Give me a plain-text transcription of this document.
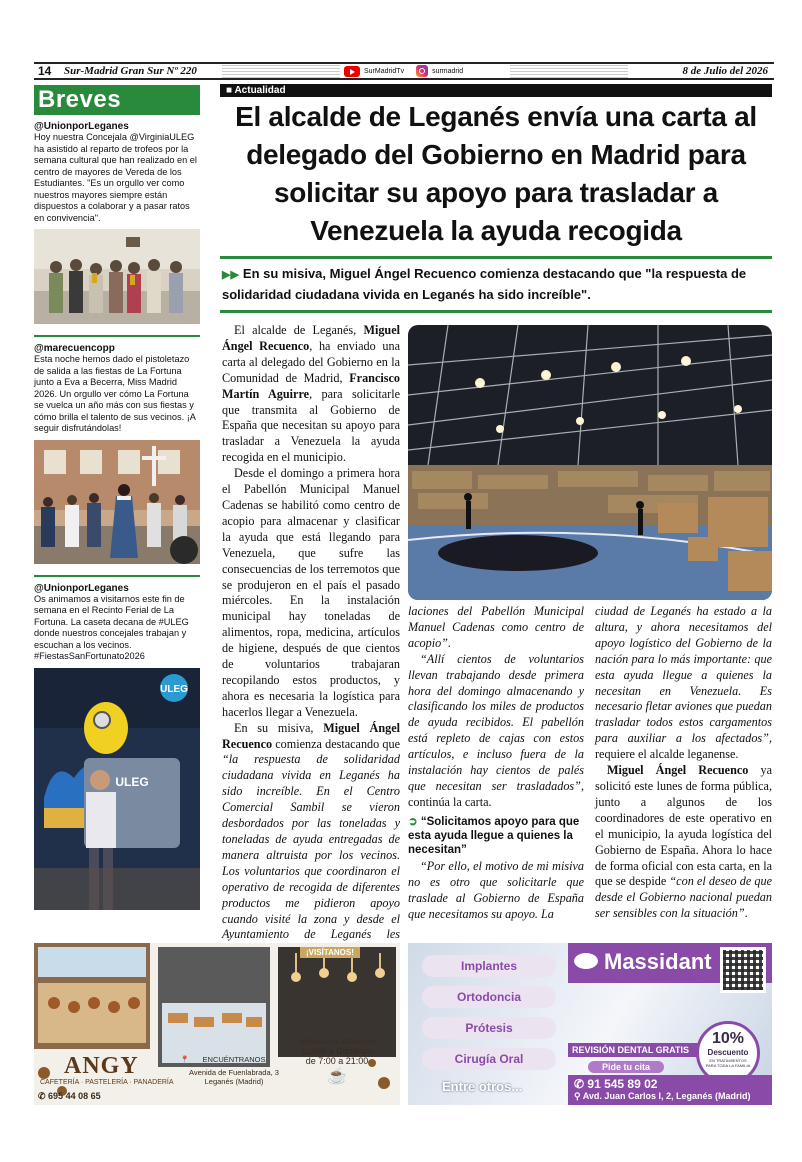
14 Sur-Madrid Gran Sur Nº 220	SurMadridTv	surmadrid	8 de Julio del 2026
Breves
@UnionporLeganes
Hoy nuestra Concejala @VirginiaULEG ha asistido al reparto de trofeos por la semana cultural que han realizado en el centro de mayores de Vereda de los Estudiantes. "Es un orgullo ver como nuestros mayores siempre están dispuestos a colaborar y a pasar ratos en convivencia".
@marecuencopp
Esta noche hemos dado el pistoletazo de salida a las fiestas de La Fortuna junto a Eva a Becerra, Miss Madrid 2026. Un orgullo ver cómo La Fortuna se vuelca un año más con sus fiestas y cómo brilla el talento de sus vecinos. ¡A seguir disfrutándolas!
@UnionporLeganes
Os animamos a visitarnos este fin de semana en el Recinto Ferial de La Fortuna. La caseta decana de #ULEG donde nuestros concejales trabajan y escuchan a los vecinos. #FiestasSanFortunato2026
ULEG
ULEG
■ Actualidad
El alcalde de Leganés envía una carta al delegado del Gobierno en Madrid para solicitar su apoyo para trasladar a Venezuela la ayuda recogida
▶▶ En su misiva, Miguel Ángel Recuenco comienza destacando que "la respuesta de solidaridad ciudadana vivida en Leganés ha sido increíble".

El alcalde de Leganés, Miguel Ángel Recuenco, ha enviado una carta al delegado del Gobierno en la Comunidad de Madrid, Francisco Martín Aguirre, para solicitarle que transmita al Gobierno de España que necesitan su apoyo para trasladar a Venezuela la ayuda recogida en el municipio.

Desde el domingo a primera hora el Pabellón Municipal Manuel Cadenas se habilitó como centro de acopio para almacenar y clasificar la ayuda que está llegando para Venezuela, que sufre las consecuencias de los terremotos que se produjeron en el país el pasado miércoles. En la instalación municipal hay toneladas de alimentos, ropa, medicina, artículos de higiene, después de que cientos de voluntarios trabajaran recopilando estos productos, y ahora es necesaria la logística para hacerlos llegar a Venezuela.

En su misiva, Miguel Ángel Recuenco comienza destacando que “la respuesta de solidaridad ciudadana vivida en Leganés ha sido increíble. En el Centro Comercial Sambil se vieron desbordados por las toneladas y toneladas de ayuda entregadas de manera altruista por los vecinos. Los voluntarios que coordinaron el operativo de recogida de diferentes productos me pidieron apoyo cuando visité la zona y desde el Ayuntamiento de Leganés les

laciones del Pabellón Municipal Manuel Cadenas como centro de acopio”.

“Allí cientos de voluntarios llevan trabajando desde primera hora del domingo almacenando y clasificando los miles de productos de ayuda recibidos. El pabellón está repleto de cajas con estos artículos, e incluso fuera de la instalación hay cientos de palés que necesitan ser trasladados”, continúa la carta.

➲ “Solicitamos apoyo para que esta ayuda llegue a quienes la necesitan”

“Por ello, el motivo de mi misiva no es otro que solicitarle que traslade al Gobierno de España que necesitamos su apoyo. La

ciudad de Leganés ha estado a la altura, y ahora necesitamos del apoyo logístico del Gobierno de la nación para lo más importante: que esta ayuda llegue a quienes la necesitan en Venezuela. Es necesario fletar aviones que puedan trasladar todos estos cargamentos para auxiliar a los afectados”, requiere el alcalde leganense.

Miguel Ángel Recuenco ya solicitó este lunes de forma pública, junto a algunos de los coordinadores de este operativo en el municipio, la ayuda logística del Gobierno de España. Ahora lo hace de forma oficial con esta carta, en la que se despide “con el deseo de que desde el Gobierno nacional puedan ser sensibles con la situación”.

ANGY
CAFETERÍA · PASTELERÍA · PANADERÍA
✆ 695 44 08 65
📍	ENCUÉNTRANOS
Avenida de Fuenlabrada, 3
Leganés (Madrid)
¡VISÍTANOS!
HORARIO DE ATENCIÓN
Lunes a Domingo
de 7:00 a 21:00
☕
Implantes
Ortodoncia
Prótesis
Cirugía Oral
Entre otros...
Massidant
REVISIÓN DENTAL GRATIS
Pide tu cita
10%
Descuento
EN TRATAMIENTOS PARA TODA LA FAMILIA
✆ 91 545 89 02
⚲ Avd. Juan Carlos I, 2, Leganés (Madrid)
